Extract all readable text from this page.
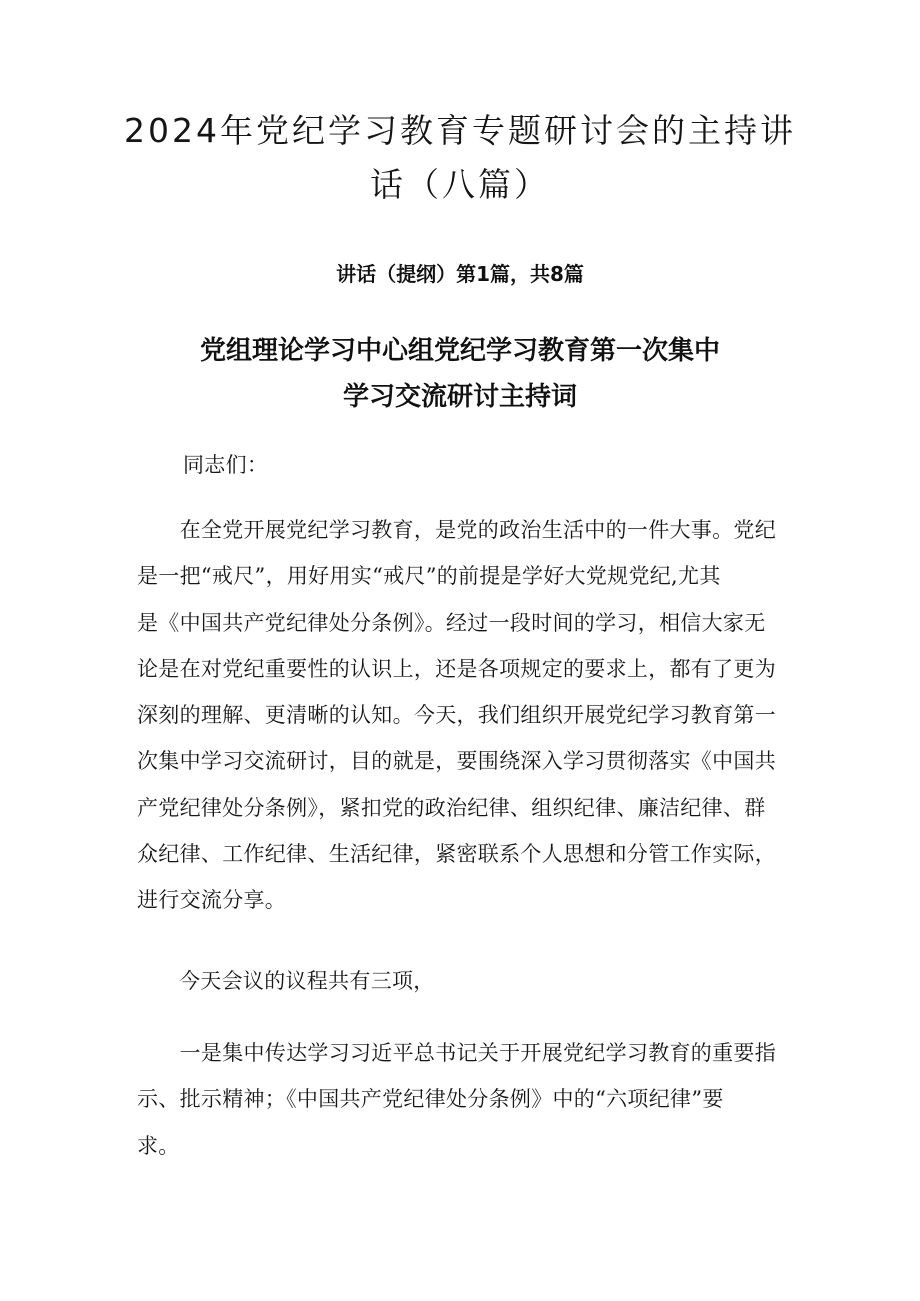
2024年党纪学习教育专题研讨会的主持讲
话（八篇）
讲话（提纲）第1篇，共8篇
党组理论学习中心组党纪学习教育第一次集中
学习交流研讨主持词

同志们：

　　在全党开展党纪学习教育，是党的政治生活中的一件大事。党纪
是一把“戒尺”，用好用实“戒尺”的前提是学好大党规党纪,尤其
是《中国共产党纪律处分条例》。经过一段时间的学习，相信大家无
论是在对党纪重要性的认识上，还是各项规定的要求上，都有了更为
深刻的理解、更清晰的认知。今天，我们组织开展党纪学习教育第一
次集中学习交流研讨，目的就是，要围绕深入学习贯彻落实《中国共
产党纪律处分条例》，紧扣党的政治纪律、组织纪律、廉洁纪律、群
众纪律、工作纪律、生活纪律，紧密联系个人思想和分管工作实际，
进行交流分享。

今天会议的议程共有三项，

　　一是集中传达学习习近平总书记关于开展党纪学习教育的重要指
示、批示精神；《中国共产党纪律处分条例》中的“六项纪律”要
求。
